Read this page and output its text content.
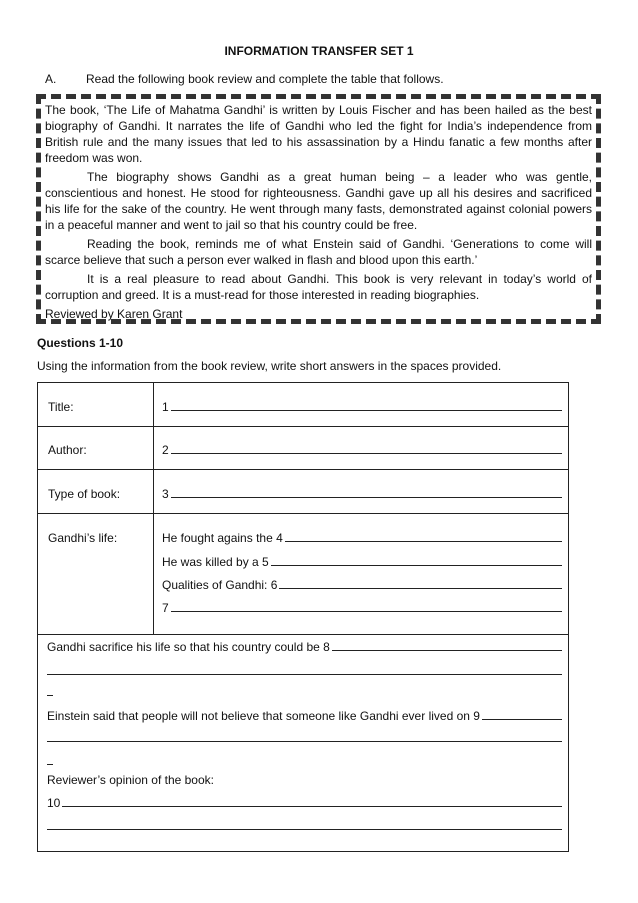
INFORMATION TRANSFER SET 1
A. Read the following book review and complete the table that follows.

The book, ‘The Life of Mahatma Gandhi’ is written by Louis Fischer and has been hailed as the best biography of Gandhi. It narrates the life of Gandhi who led the fight for India’s independence from British rule and the many issues that led to his assassination by a Hindu fanatic a few months after freedom was won.

The biography shows Gandhi as a great human being – a leader who was gentle, conscientious and honest. He stood for righteousness. Gandhi gave up all his desires and sacrificed his life for the sake of the country. He went through many fasts, demonstrated against colonial powers in a peaceful manner and went to jail so that his country could be free.

Reading the book, reminds me of what Enstein said of Gandhi. ‘Generations to come will scarce believe that such a person ever walked in flash and blood upon this earth.’

It is a real pleasure to read about Gandhi. This book is very relevant in today’s world of corruption and greed. It is a must-read for those interested in reading biographies.

Reviewed by Karen Grant
Questions 1-10
Using the information from the book review, write short answers in the spaces provided.
Title:	1
Author:	2
Type of book:	3
Gandhi’s life:	He fought agains the 4
He was killed by a 5
Qualities of Gandhi: 6
7
Gandhi sacrifice his life so that his country could be 8
Einstein said that people will not believe that someone like Gandhi ever lived on 9
Reviewer’s opinion of the book:
10
